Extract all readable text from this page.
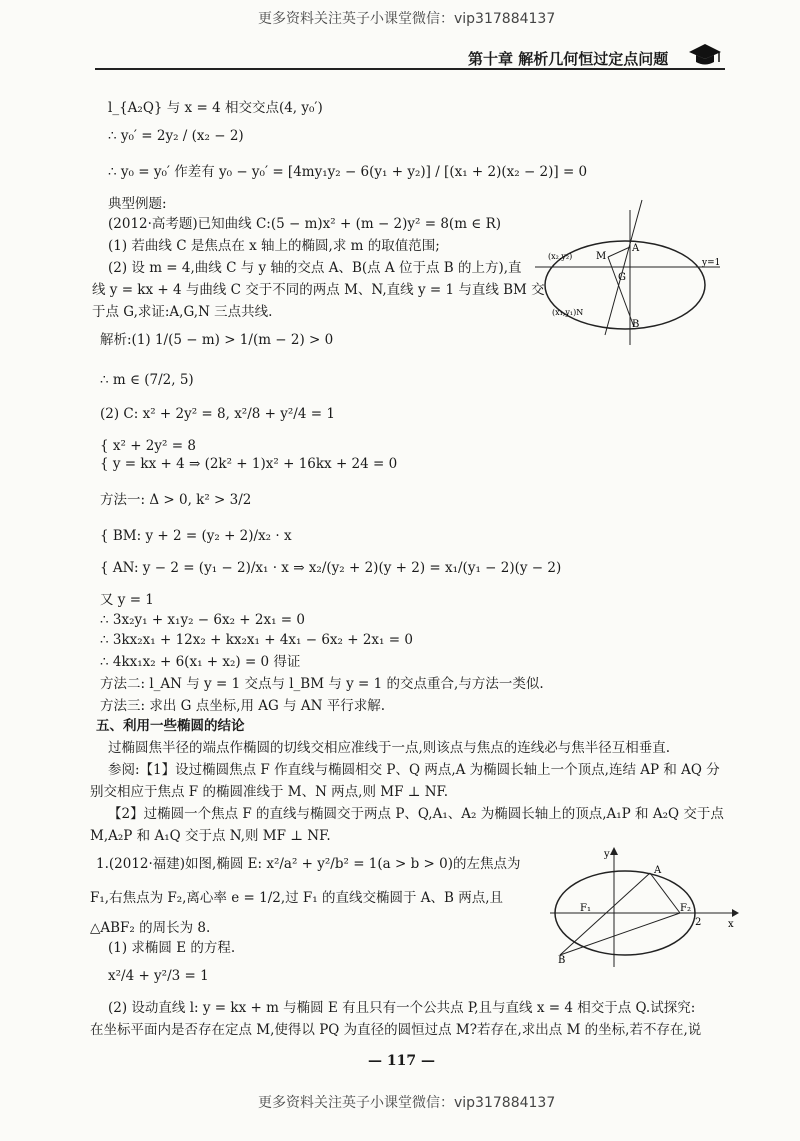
更多资料关注英子小课堂微信：vip317884137
第十章 解析几何恒过定点问题
l_{A₂Q} 与 x = 4 相交交点(4, y₀′)
∴ y₀′ = 2y₂ / (x₂ − 2)
∴ y₀ = y₀′ 作差有 y₀ − y₀′ = [4my₁y₂ − 6(y₁ + y₂)] / [(x₁ + 2)(x₂ − 2)] = 0
典型例题:
(2012·高考题)已知曲线 C:(5 − m)x² + (m − 2)y² = 8(m ∈ R)
(1) 若曲线 C 是焦点在 x 轴上的椭圆,求 m 的取值范围;
(2) 设 m = 4,曲线 C 与 y 轴的交点 A、B(点 A 位于点 B 的上方),直
线 y = kx + 4 与曲线 C 交于不同的两点 M、N,直线 y = 1 与直线 BM 交
于点 G,求证:A,G,N 三点共线.
(x₂,y₂) M
A
G
y=1
(x₁,y₁)N
B
解析:(1) 1/(5 − m) > 1/(m − 2) > 0
∴ m ∈ (7/2, 5)
(2) C: x² + 2y² = 8, x²/8 + y²/4 = 1
{ x² + 2y² = 8
{ y = kx + 4 ⇒ (2k² + 1)x² + 16kx + 24 = 0
方法一: Δ > 0, k² > 3/2
{ BM: y + 2 = (y₂ + 2)/x₂ · x
{ AN: y − 2 = (y₁ − 2)/x₁ · x ⇒ x₂/(y₂ + 2)(y + 2) = x₁/(y₁ − 2)(y − 2)
又 y = 1
∴ 3x₂y₁ + x₁y₂ − 6x₂ + 2x₁ = 0
∴ 3kx₂x₁ + 12x₂ + kx₂x₁ + 4x₁ − 6x₂ + 2x₁ = 0
∴ 4kx₁x₂ + 6(x₁ + x₂) = 0 得证
方法二: l_AN 与 y = 1 交点与 l_BM 与 y = 1 的交点重合,与方法一类似.
方法三: 求出 G 点坐标,用 AG 与 AN 平行求解.
五、利用一些椭圆的结论
过椭圆焦半径的端点作椭圆的切线交相应准线于一点,则该点与焦点的连线必与焦半径互相垂直.
参阅:【1】设过椭圆焦点 F 作直线与椭圆相交 P、Q 两点,A 为椭圆长轴上一个顶点,连结 AP 和 AQ 分
别交相应于焦点 F 的椭圆准线于 M、N 两点,则 MF ⊥ NF.
【2】过椭圆一个焦点 F 的直线与椭圆交于两点 P、Q,A₁、A₂ 为椭圆长轴上的顶点,A₁P 和 A₂Q 交于点
M,A₂P 和 A₁Q 交于点 N,则 MF ⊥ NF.
1.(2012·福建)如图,椭圆 E: x²/a² + y²/b² = 1(a > b > 0)的左焦点为
y
A
F₁	F₂
2	x
B
F₁,右焦点为 F₂,离心率 e = 1/2,过 F₁ 的直线交椭圆于 A、B 两点,且
△ABF₂ 的周长为 8.
(1) 求椭圆 E 的方程.
x²/4 + y²/3 = 1
(2) 设动直线 l: y = kx + m 与椭圆 E 有且只有一个公共点 P,且与直线 x = 4 相交于点 Q.试探究:
在坐标平面内是否存在定点 M,使得以 PQ 为直径的圆恒过点 M?若存在,求出点 M 的坐标,若不存在,说
— 117 —
更多资料关注英子小课堂微信：vip317884137
